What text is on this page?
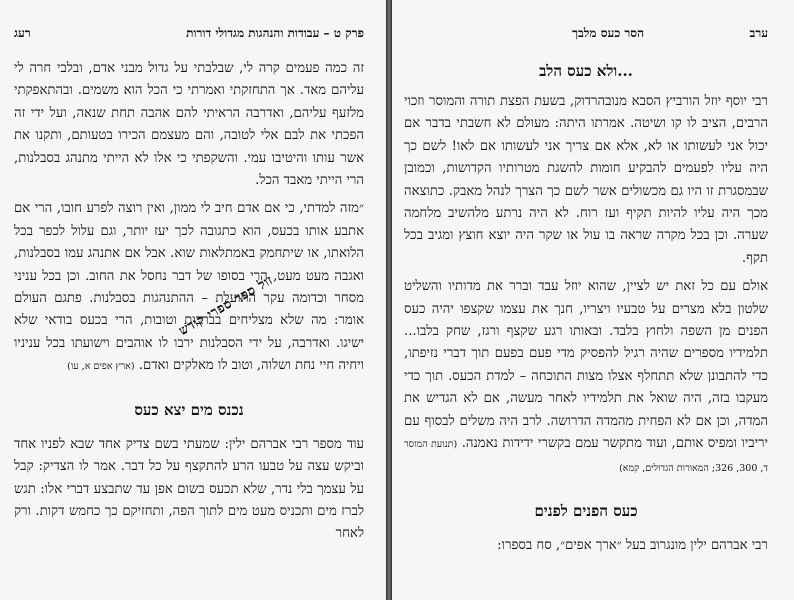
פרק ט – עבודות והנהגות מגדולי דורות
רעג

זה כמה פעמים קרה לי, שבלבתי על גדול מבני אדם, ובלבי חרה לי עליהם מאד. אך התחזקתי ואמרתי כי הכל הוא משמים. ובהתאפקתי מלזעף עליהם, ואדרבה הראיתי להם אהבה תחת שנאה, ועל ידי זה הפכתי את לבם אלי לטובה, והם מעצמם הכירו בטעותם, ותקנו את אשר עותו והיטיבו עמי. והשקפתי כי אלו לא הייתי מתנהג בסבלנות, הרי הייתי מאבד הכל.

״מזה למדתי, כי אם אדם חיב לי ממון, ואין רוצה לפרע חובו, הרי אם אתבע אותו בכעס, הוא כתגובה לכך יעז יותר, וגם עלול לכפר בכל הלואתו, או שיתחמק באמתלאות שוא. אבל אם אתנהג עמו בסבלנות, ואגבה מעט מעט, הרי בסופו של דבר נחסל את החוב. וכן בכל עניני מסחר וכדומה עקר התועלת – ההתנהגות בסבלנות. פתגם העולם אומר: מה שלא מצליחים בברכות וטובות, הרי בכעס בודאי שלא ישיגו. ואדרבה, על ידי הסבלנות ירבו לו אוהבים וישועתו בכל עניניו ויחיה חיי נחת ושלוה, וטוב לו מאלקים ואדם. (ארץ אפים א, עו)

נכנס מים יצא כעס

עוד מספר רבי אברהם ילין: שמעתי בשם צדיק אחד שבא לפניו אחד וביקש עצה על טבעו הרע להתקצף על כל דבר. אמר לו הצדיק: קבל על עצמך בלי נדר, שלא תכעס בשום אפן עד שתבצע דברי אלו: תגש לברז מים ותכניס מעט מים לתוך הפה, ותחזיקם כך כחמש דקות. ורק לאחר

ערב
הסר כעס מלבך
...ולא כעס הלב

רבי יוסף יוזל הורביץ הסבא מנובהרדוק, בשעת הפצת תורה והמוסר וזכוי הרבים, הציב לו קו ושיטה. אמרתו היתה: מעולם לא חשבתי בדבר אם יכול אני לעשותו או לא, אלא אם צריך אני לעשותו אם לאו! לשם כך היה עליו לפעמים להבקיע חומות להשגת מטרותיו הקדושות, וכמובן שבמסגרת זו היו גם מכשולים אשר לשם כך הצרך לנהל מאבק. כתוצאה מכך היה עליו להיות תקיף ועז רוח. לא היה נרתע מלהשיב מלחמה שערה. וכן בכל מקרה שראה בו עול או שקר היה יוצא חוצץ ומגיב בכל תקף.

אולם עם כל זאת יש לציין, שהוא יוזל עבד וברר את מדותיו והשליט שלטון בלא מצרים על טבעיו ויצריו, חנך את עצמו שקצפו יהיה כעס הפנים מן השפה ולחוץ בלבד. ובאותו רגע שקצף ורגז, שחק בלבו... תלמידיו מספרים שהיה רגיל להפסיק מדי פעם בפעם תוך דברי נזיפתו, כדי להתבונן שלא תתחלף אצלו מצות התוכחה – למדת הכעס. תוך כדי מעקבו בזה, היה שואל את תלמידיו לאחר מעשה, אם לא הגדיש את המדה, וכן אם לא הפחית מהמדה הדרושה. לרב היה משלים לבסוף עם יריביו ומפיס אותם, ועוד מתקשר עמם בקשרי ידידות נאמנה. (תנועת המוסר ד, 300, 326; המאורות הגדולים, קמא)

כעס הפנים לפנים

רבי אברהם ילין מונגרוב בעל ״ארך אפים״, סח בספרו:

זול ספר ספרי קודש
